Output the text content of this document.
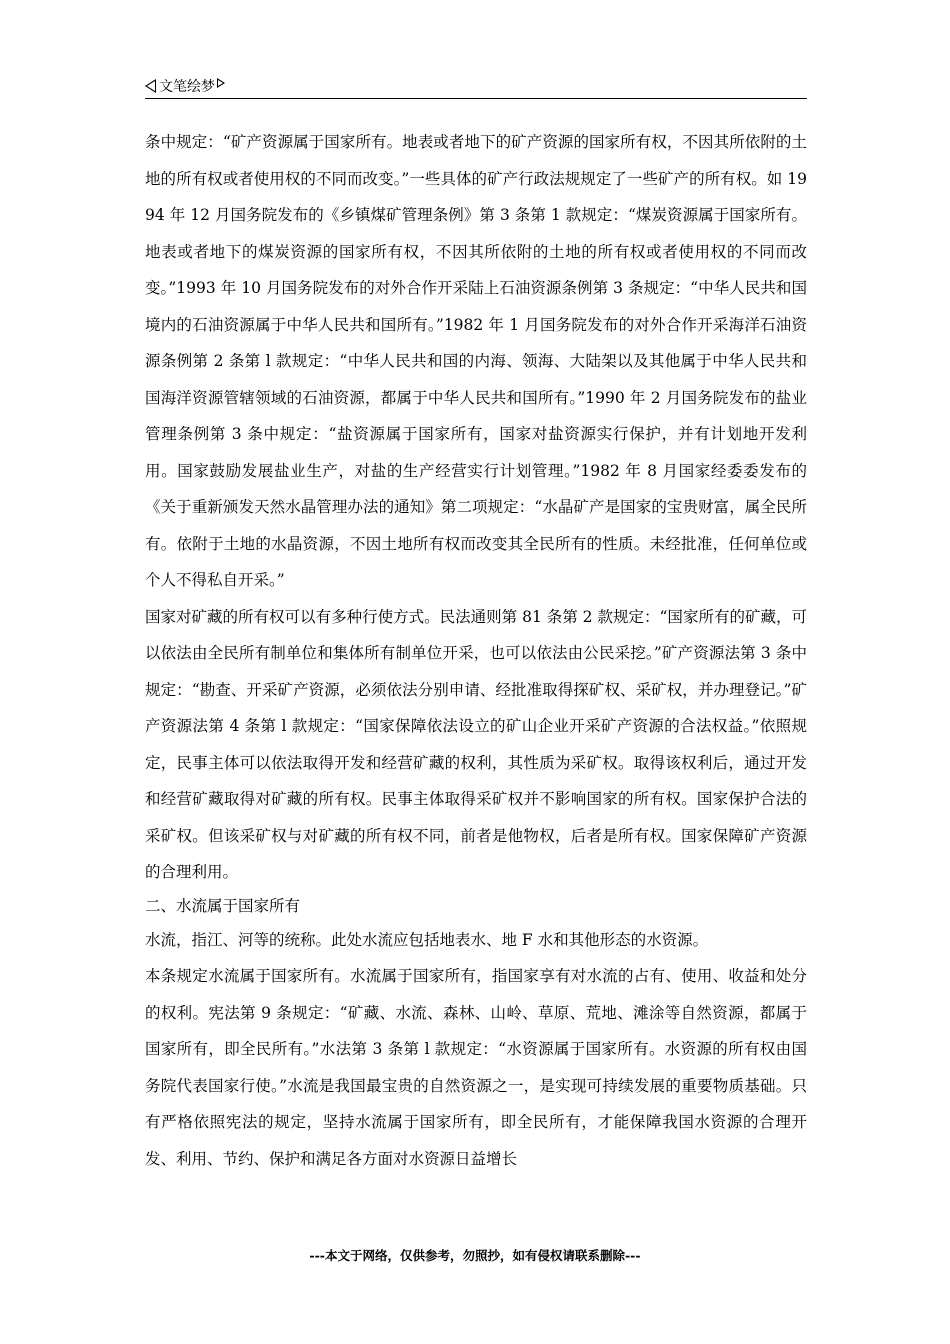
文笔绘梦

条中规定：“矿产资源属于国家所有。地表或者地下的矿产资源的国家所有权，不因其所依附的土地的所有权或者使用权的不同而改变。”一些具体的矿产行政法规规定了一些矿产的所有权。如 1994 年 12 月国务院发布的《乡镇煤矿管理条例》第 3 条第 1 款规定：“煤炭资源属于国家所有。地表或者地下的煤炭资源的国家所有权，不因其所依附的土地的所有权或者使用权的不同而改变。”1993 年 10 月国务院发布的对外合作开采陆上石油资源条例第 3 条规定：“中华人民共和国境内的石油资源属于中华人民共和国所有。”1982 年 1 月国务院发布的对外合作开采海洋石油资源条例第 2 条第 l 款规定：“中华人民共和国的内海、领海、大陆架以及其他属于中华人民共和国海洋资源管辖领域的石油资源，都属于中华人民共和国所有。”1990 年 2 月国务院发布的盐业管理条例第 3 条中规定：“盐资源属于国家所有，国家对盐资源实行保护，并有计划地开发利用。国家鼓励发展盐业生产，对盐的生产经营实行计划管理。”1982 年 8 月国家经委委发布的《关于重新颁发天然水晶管理办法的通知》第二项规定：“水晶矿产是国家的宝贵财富，属全民所有。依附于土地的水晶资源，不因土地所有权而改变其全民所有的性质。未经批准，任何单位或个人不得私自开采。”

国家对矿藏的所有权可以有多种行使方式。民法通则第 81 条第 2 款规定：“国家所有的矿藏，可以依法由全民所有制单位和集体所有制单位开采，也可以依法由公民采挖。”矿产资源法第 3 条中规定：“勘查、开采矿产资源，必须依法分别申请、经批准取得探矿权、采矿权，并办理登记。”矿产资源法第 4 条第 l 款规定：“国家保障依法设立的矿山企业开采矿产资源的合法权益。”依照规定，民事主体可以依法取得开发和经营矿藏的权利，其性质为采矿权。取得该权利后，通过开发和经营矿藏取得对矿藏的所有权。民事主体取得采矿权并不影响国家的所有权。国家保护合法的采矿权。但该采矿权与对矿藏的所有权不同，前者是他物权，后者是所有权。国家保障矿产资源的合理利用。

二、水流属于国家所有

水流，指江、河等的统称。此处水流应包括地表水、地 F 水和其他形态的水资源。

本条规定水流属于国家所有。水流属于国家所有，指国家享有对水流的占有、使用、收益和处分的权利。宪法第 9 条规定：“矿藏、水流、森林、山岭、草原、荒地、滩涂等自然资源，都属于国家所有，即全民所有。”水法第 3 条第 l 款规定：“水资源属于国家所有。水资源的所有权由国务院代表国家行使。”水流是我国最宝贵的自然资源之一，是实现可持续发展的重要物质基础。只有严格依照宪法的规定，坚持水流属于国家所有，即全民所有，才能保障我国水资源的合理开发、利用、节约、保护和满足各方面对水资源日益增长

---本文于网络，仅供参考，勿照抄，如有侵权请联系删除---
